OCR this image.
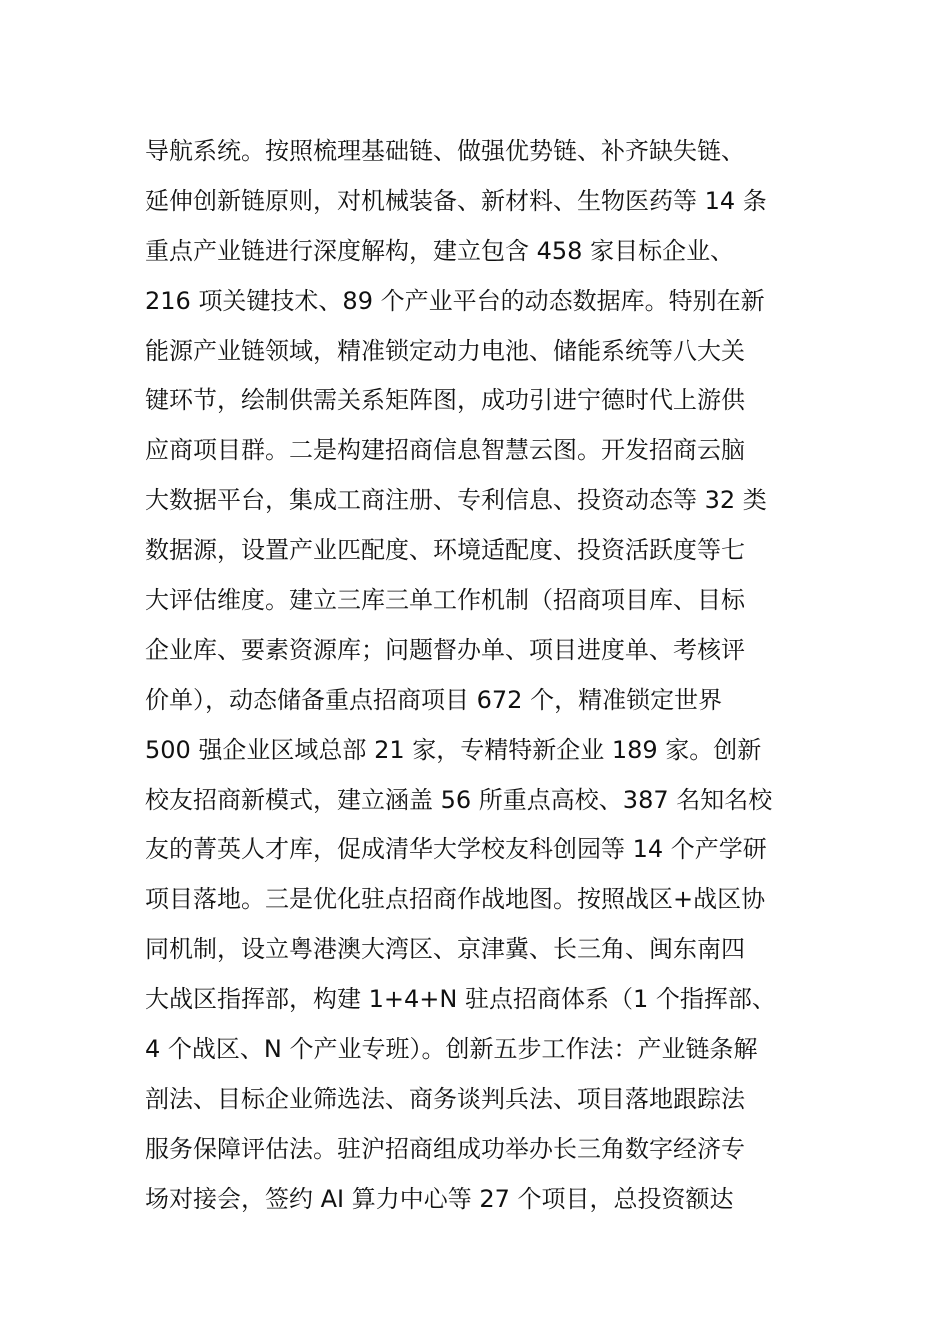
导航系统。按照梳理基础链、做强优势链、补齐缺失链、
延伸创新链原则，对机械装备、新材料、生物医药等 14 条
重点产业链进行深度解构，建立包含 458 家目标企业、
216 项关键技术、89 个产业平台的动态数据库。特别在新
能源产业链领域，精准锁定动力电池、储能系统等八大关
键环节，绘制供需关系矩阵图，成功引进宁德时代上游供
应商项目群。二是构建招商信息智慧云图。开发招商云脑
大数据平台，集成工商注册、专利信息、投资动态等 32 类
数据源，设置产业匹配度、环境适配度、投资活跃度等七
大评估维度。建立三库三单工作机制（招商项目库、目标
企业库、要素资源库；问题督办单、项目进度单、考核评
价单），动态储备重点招商项目 672 个，精准锁定世界
500 强企业区域总部 21 家，专精特新企业 189 家。创新
校友招商新模式，建立涵盖 56 所重点高校、387 名知名校
友的菁英人才库，促成清华大学校友科创园等 14 个产学研
项目落地。三是优化驻点招商作战地图。按照战区+战区协
同机制，设立粤港澳大湾区、京津冀、长三角、闽东南四
大战区指挥部，构建 1+4+N 驻点招商体系（1 个指挥部、
4 个战区、N 个产业专班）。创新五步工作法：产业链条解
剖法、目标企业筛选法、商务谈判兵法、项目落地跟踪法
服务保障评估法。驻沪招商组成功举办长三角数字经济专
场对接会，签约 AI 算力中心等 27 个项目，总投资额达
